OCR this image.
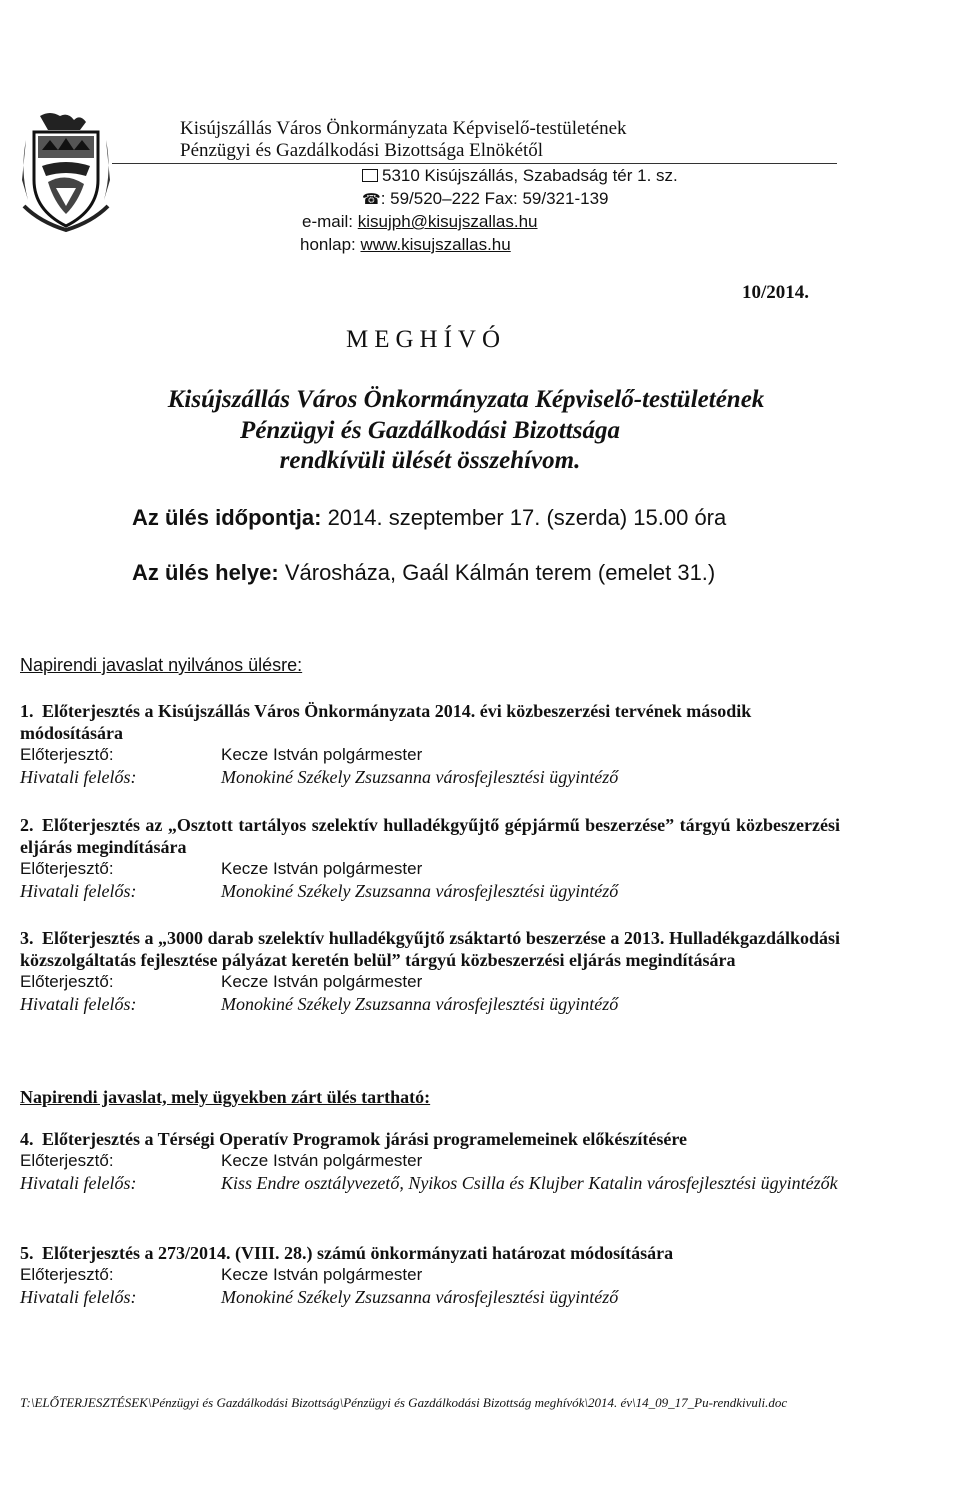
Kisújszállás Város Önkormányzata Képviselő-testületének
Pénzügyi és Gazdálkodási Bizottsága Elnökétől
5310 Kisújszállás, Szabadság tér 1. sz.
☎: 59/520–222 Fax: 59/321-139
e-mail: kisujph@kisujszallas.hu
honlap: www.kisujszallas.hu
10/2014.
MEGHÍVÓ
Kisújszállás Város Önkormányzata Képviselő-testületének
Pénzügyi és Gazdálkodási Bizottsága
rendkívüli ülését összehívom.
Az ülés időpontja: 2014. szeptember 17. (szerda) 15.00 óra
Az ülés helye: Városháza, Gaál Kálmán terem (emelet 31.)
Napirendi javaslat nyilvános ülésre:
1. Előterjesztés a Kisújszállás Város Önkormányzata 2014. évi közbeszerzési tervének második módosítására
Előterjesztő:	Kecze István polgármester
Hivatali felelős:	Monokiné Székely Zsuzsanna városfejlesztési ügyintéző
2. Előterjesztés az „Osztott tartályos szelektív hulladékgyűjtő gépjármű beszerzése” tárgyú közbeszerzési eljárás megindítására
Előterjesztő:	Kecze István polgármester
Hivatali felelős:	Monokiné Székely Zsuzsanna városfejlesztési ügyintéző
3. Előterjesztés a „3000 darab szelektív hulladékgyűjtő zsáktartó beszerzése a 2013. Hulladékgazdálkodási közszolgáltatás fejlesztése pályázat keretén belül” tárgyú közbeszerzési eljárás megindítására
Előterjesztő:	Kecze István polgármester
Hivatali felelős:	Monokiné Székely Zsuzsanna városfejlesztési ügyintéző
Napirendi javaslat, mely ügyekben zárt ülés tartható:
4. Előterjesztés a Térségi Operatív Programok járási programelemeinek előkészítésére
Előterjesztő:	Kecze István polgármester
Hivatali felelős:	Kiss Endre osztályvezető, Nyikos Csilla és Klujber Katalin városfejlesztési ügyintézők
5. Előterjesztés a 273/2014. (VIII. 28.) számú önkormányzati határozat módosítására
Előterjesztő:	Kecze István polgármester
Hivatali felelős:	Monokiné Székely Zsuzsanna városfejlesztési ügyintéző
T:\ELŐTERJESZTÉSEK\Pénzügyi és Gazdálkodási Bizottság\Pénzügyi és Gazdálkodási Bizottság meghívók\2014. év\14_09_17_Pu-rendkivuli.doc
